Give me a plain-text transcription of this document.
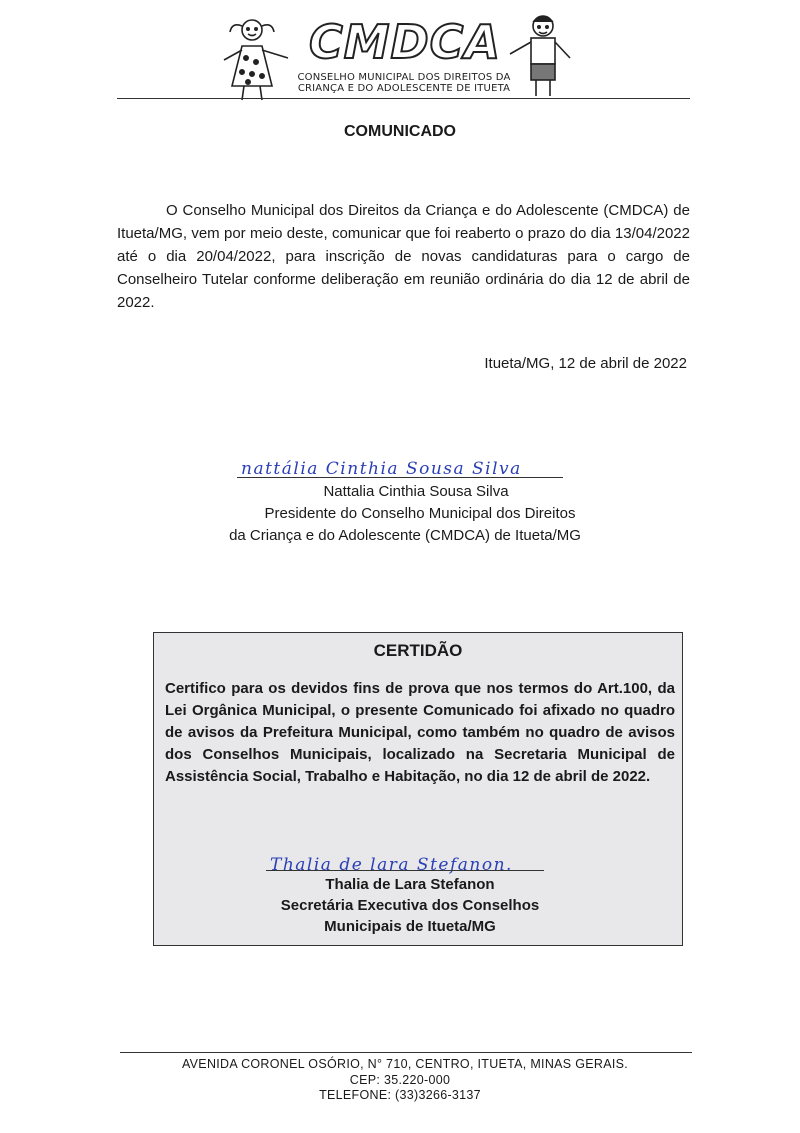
CMDCA
CONSELHO MUNICIPAL DOS DIREITOS DA
CRIANÇA E DO ADOLESCENTE DE ITUETA
COMUNICADO
O Conselho Municipal dos Direitos da Criança e do Adolescente (CMDCA) de Itueta/MG, vem por meio deste, comunicar que foi reaberto o prazo do dia 13/04/2022 até o dia 20/04/2022, para inscrição de novas candidaturas para o cargo de Conselheiro Tutelar conforme deliberação em reunião ordinária do dia 12 de abril de 2022.
Itueta/MG, 12 de abril de 2022
nattália Cinthia Sousa Silva
Nattalia Cinthia Sousa Silva
Presidente do Conselho Municipal dos Direitos
da Criança e do Adolescente (CMDCA) de Itueta/MG
CERTIDÃO
Certifico para os devidos fins de prova que nos termos do Art.100, da Lei Orgânica Municipal, o presente Comunicado foi afixado no quadro de avisos da Prefeitura Municipal, como também no quadro de avisos dos Conselhos Municipais, localizado na Secretaria Municipal de Assistência Social, Trabalho e Habitação, no dia 12 de abril de 2022.
Thalia de lara Stefanon.
Thalia de Lara Stefanon
Secretária Executiva dos Conselhos
Municipais de Itueta/MG
AVENIDA CORONEL OSÓRIO, N° 710, CENTRO, ITUETA, MINAS GERAIS.
CEP: 35.220-000
TELEFONE: (33)3266-3137
